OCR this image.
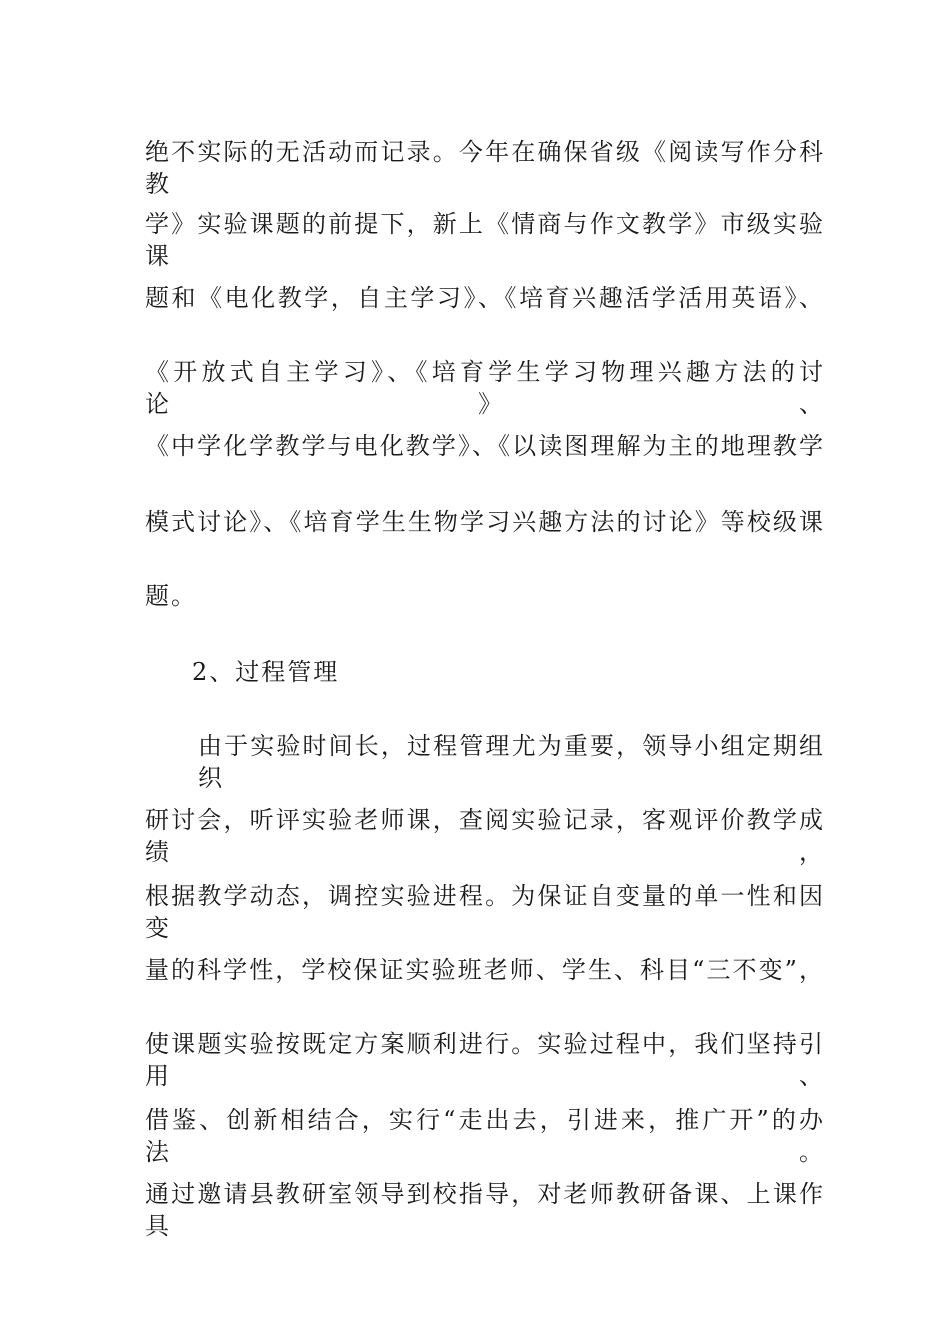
绝不实际的无活动而记录。今年在确保省级《阅读写作分科教
学》实验课题的前提下，新上《情商与作文教学》市级实验课
题和《电化教学，自主学习》、《培育兴趣活学活用英语》、
《开放式自主学习》、《培育学生学习物理兴趣方法的讨论》、
《中学化学教学与电化教学》、《以读图理解为主的地理教学
模式讨论》、《培育学生生物学习兴趣方法的讨论》等校级课
题。
2、过程管理
由于实验时间长，过程管理尤为重要，领导小组定期组织
研讨会，听评实验老师课，查阅实验记录，客观评价教学成绩，
根据教学动态，调控实验进程。为保证自变量的单一性和因变
量的科学性，学校保证实验班老师、学生、科目“三不变”，
使课题实验按既定方案顺利进行。实验过程中，我们坚持引用、
借鉴、创新相结合，实行“走出去，引进来，推广开”的办法。
通过邀请县教研室领导到校指导，对老师教研备课、上课作具
